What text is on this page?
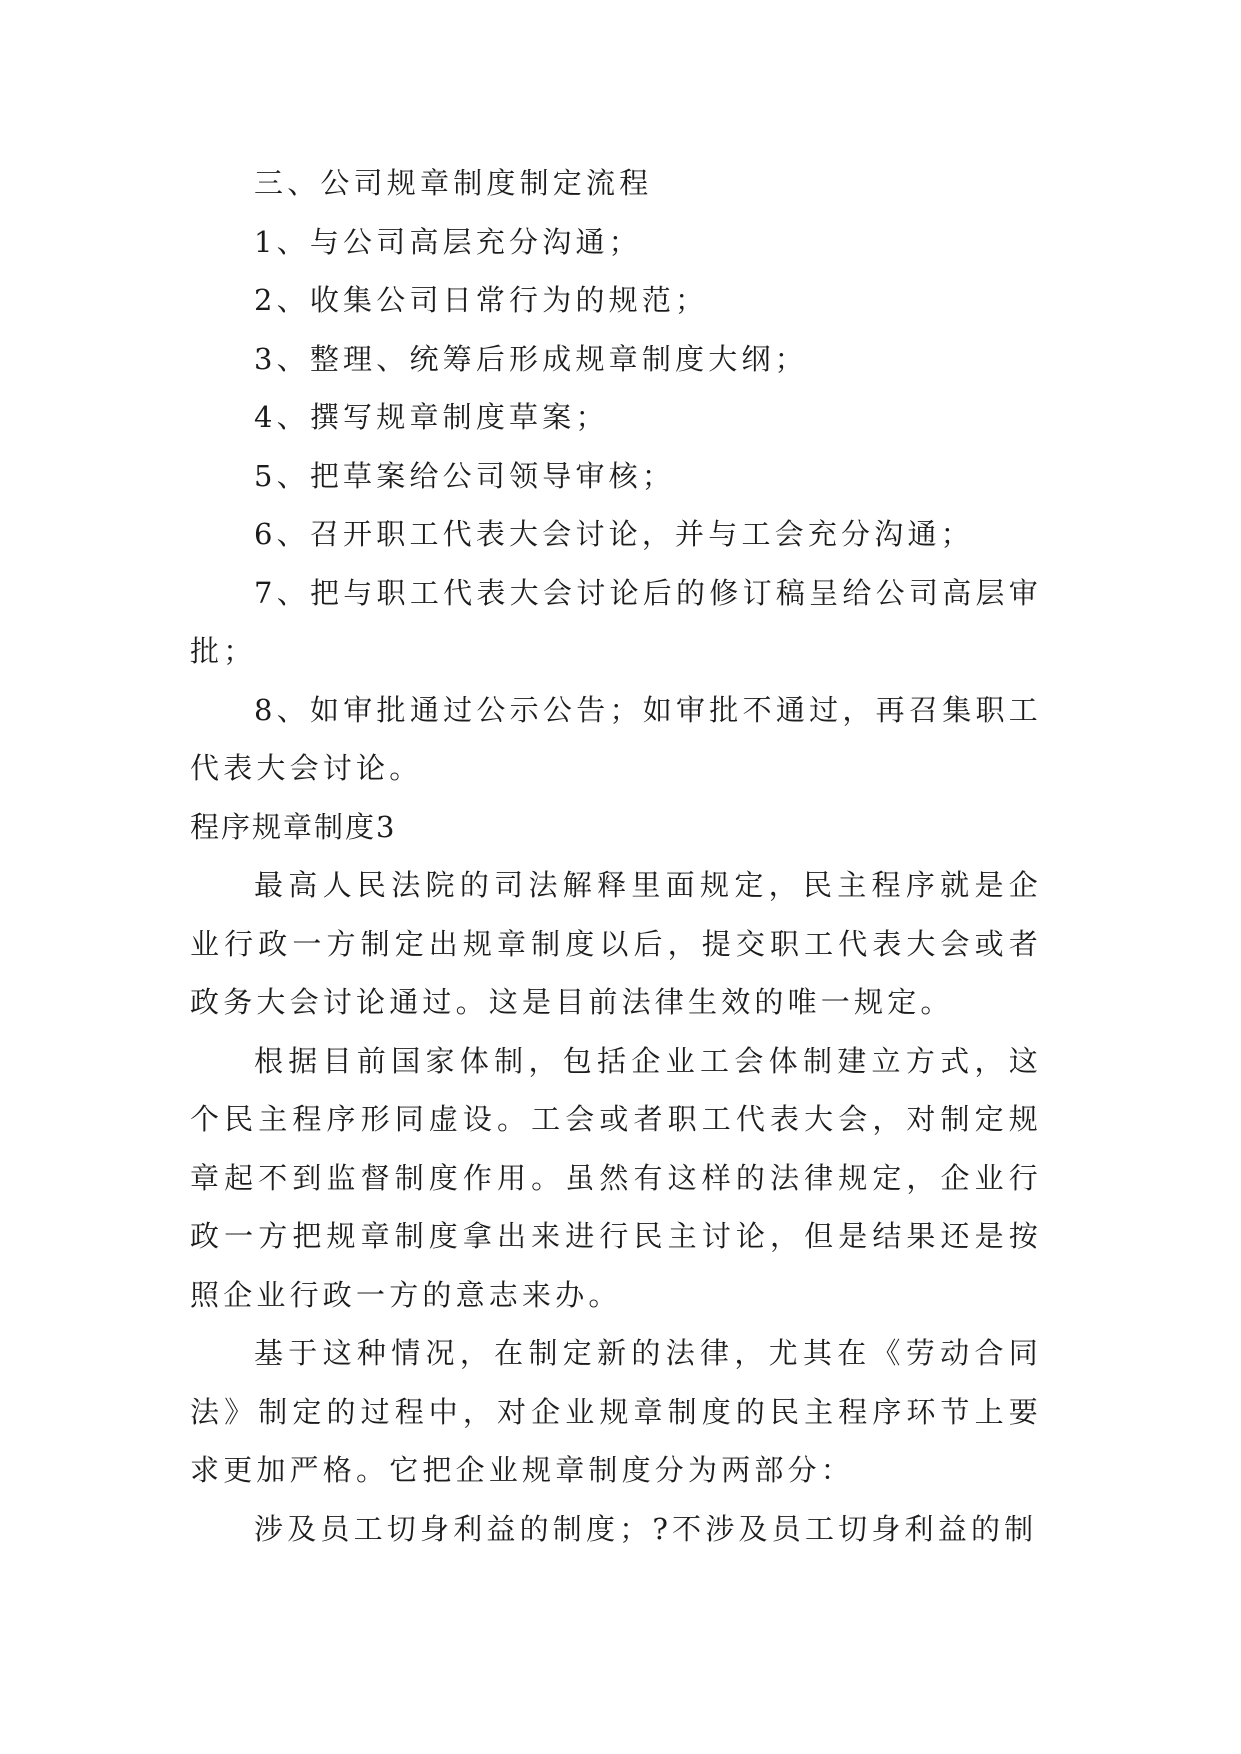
三、公司规章制度制定流程

1、与公司高层充分沟通；

2、收集公司日常行为的规范；

3、整理、统筹后形成规章制度大纲；

4、撰写规章制度草案；

5、把草案给公司领导审核；

6、召开职工代表大会讨论，并与工会充分沟通；

7、把与职工代表大会讨论后的修订稿呈给公司高层审批；

8、如审批通过公示公告；如审批不通过，再召集职工代表大会讨论。

程序规章制度3

最高人民法院的司法解释里面规定，民主程序就是企业行政一方制定出规章制度以后，提交职工代表大会或者政务大会讨论通过。这是目前法律生效的唯一规定。

根据目前国家体制，包括企业工会体制建立方式，这个民主程序形同虚设。工会或者职工代表大会，对制定规章起不到监督制度作用。虽然有这样的法律规定，企业行政一方把规章制度拿出来进行民主讨论，但是结果还是按照企业行政一方的意志来办。

基于这种情况，在制定新的法律，尤其在《劳动合同法》制定的过程中，对企业规章制度的民主程序环节上要求更加严格。它把企业规章制度分为两部分：

涉及员工切身利益的制度；?不涉及员工切身利益的制
